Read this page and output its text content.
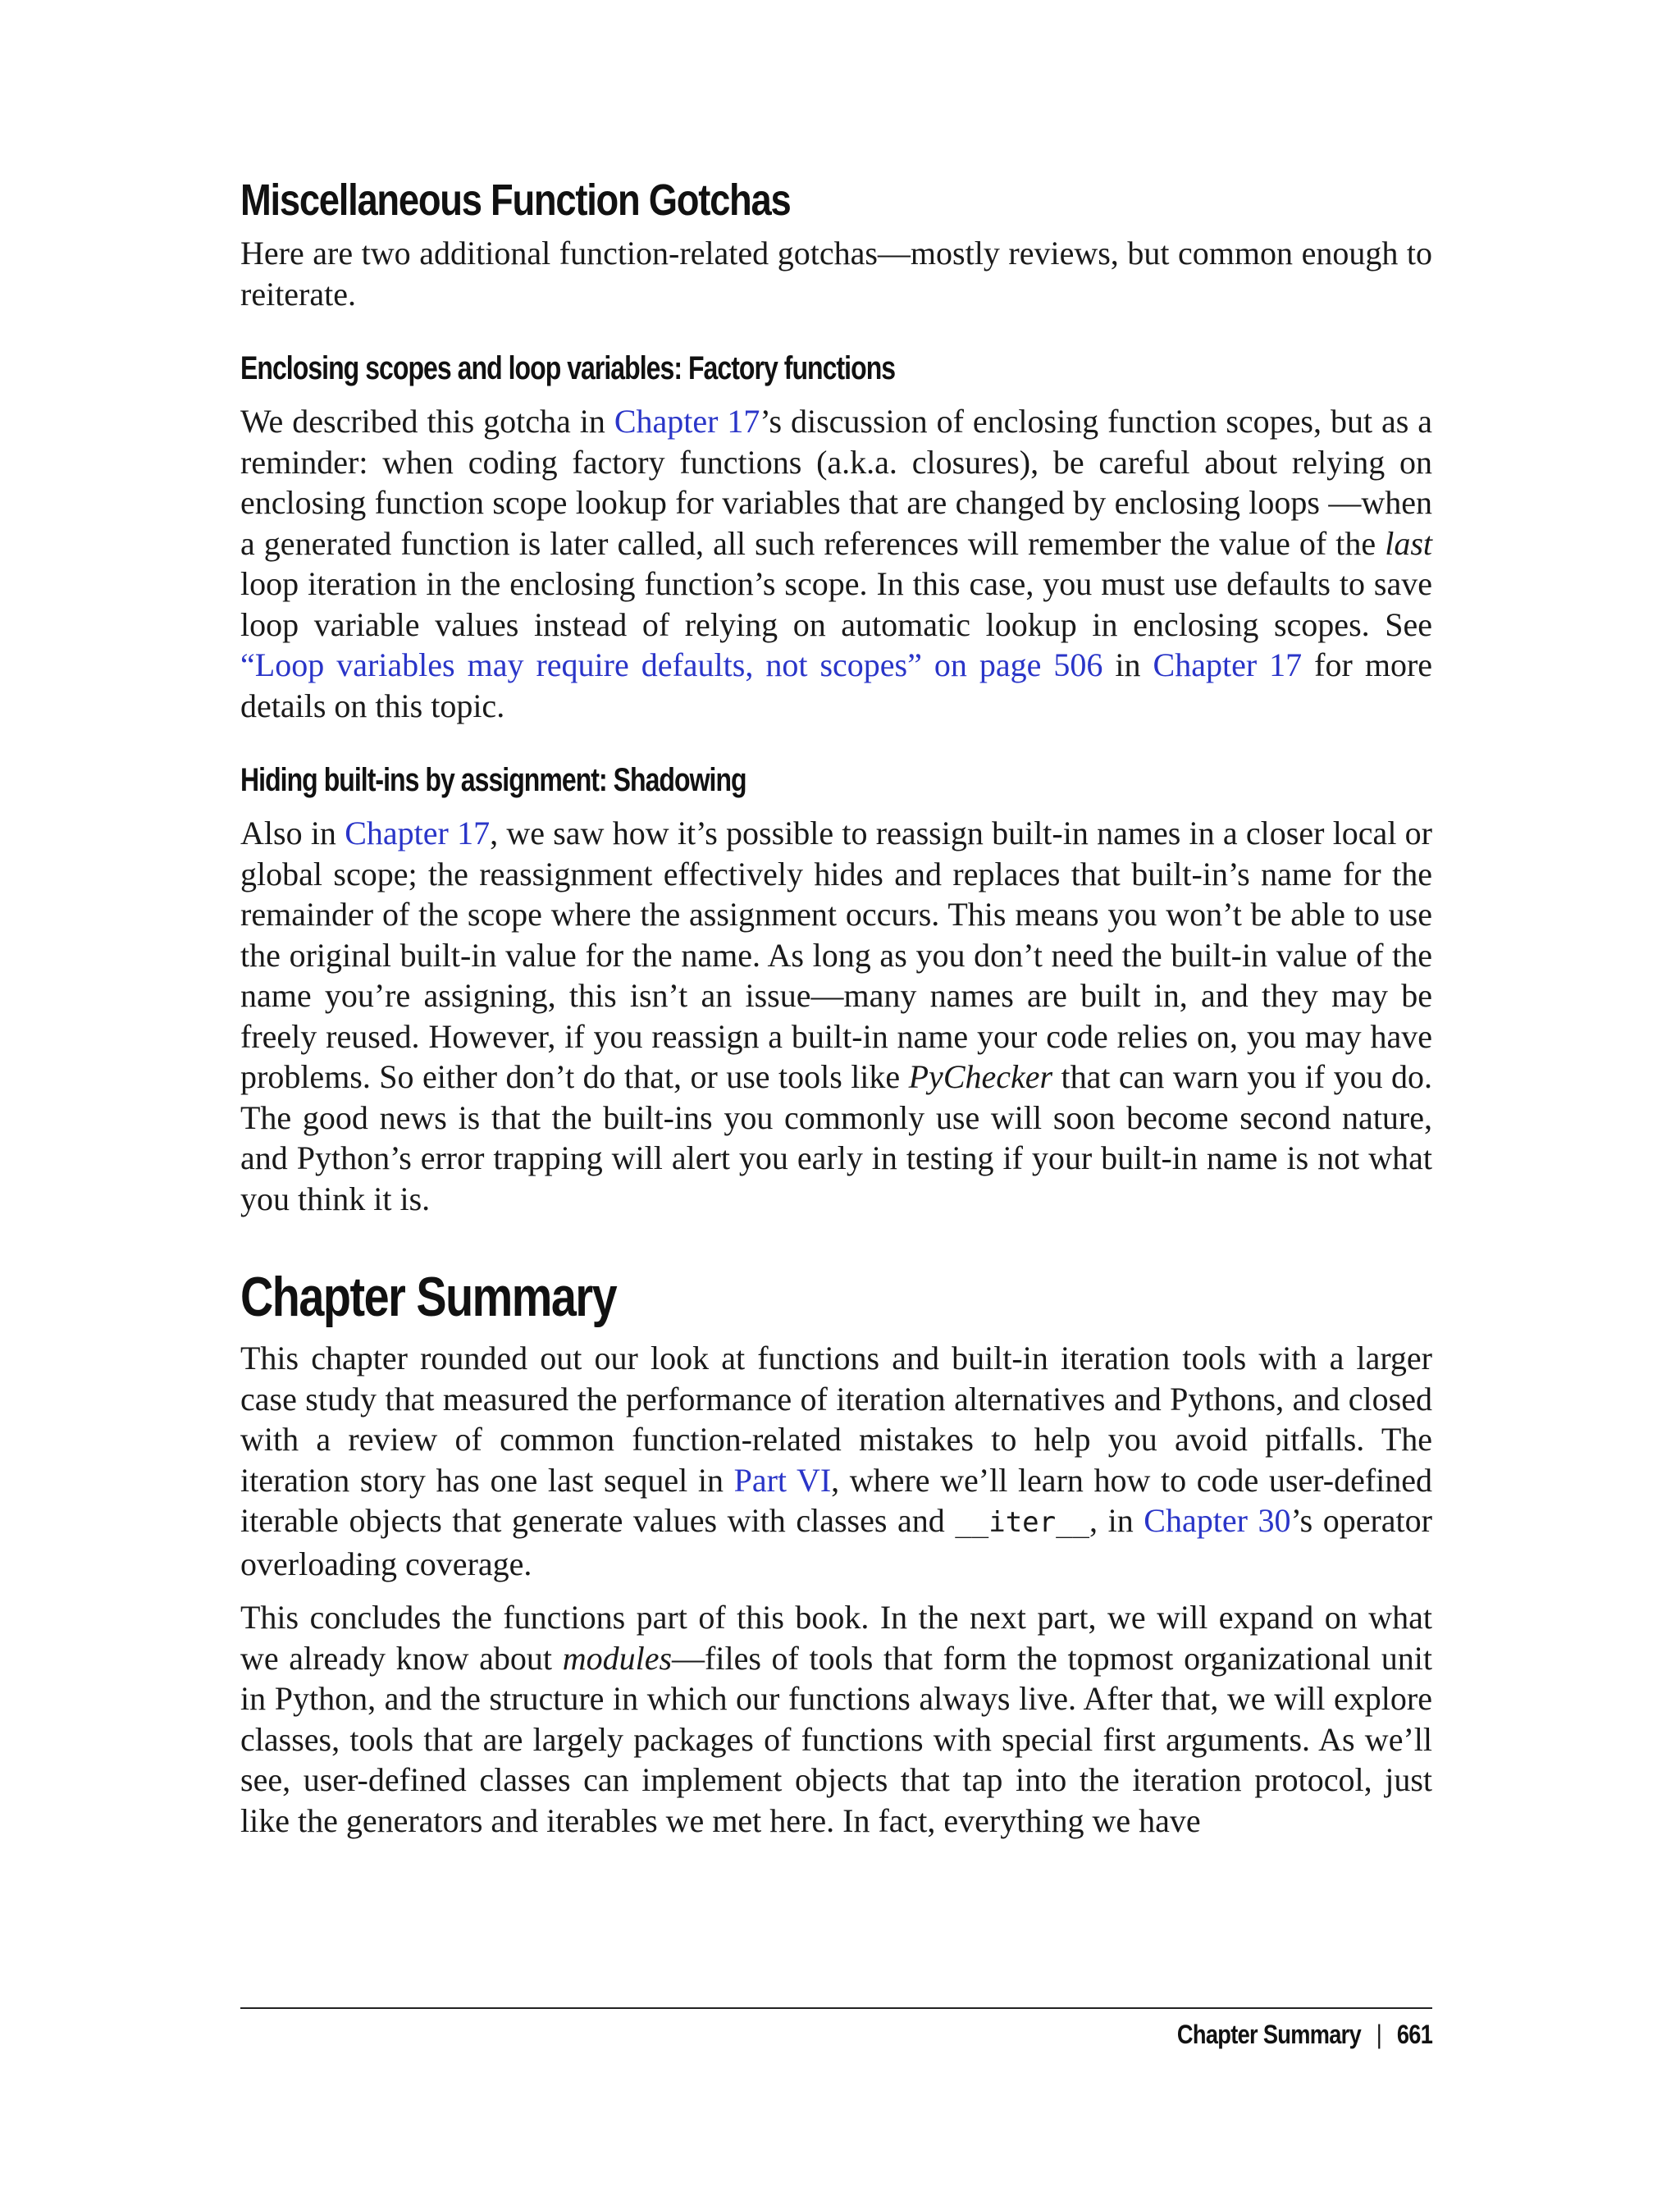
Miscellaneous Function Gotchas

Here are two additional function-related gotchas—mostly reviews, but common enough to reiterate.

Enclosing scopes and loop variables: Factory functions

We described this gotcha in Chapter 17’s discussion of enclosing function scopes, but as a reminder: when coding factory functions (a.k.a. closures), be careful about relying on enclosing function scope lookup for variables that are changed by enclosing loops —when a generated function is later called, all such references will remember the value of the last loop iteration in the enclosing function’s scope. In this case, you must use defaults to save loop variable values instead of relying on automatic lookup in enclosing scopes. See “Loop variables may require defaults, not scopes” on page 506 in Chapter 17 for more details on this topic.

Hiding built-ins by assignment: Shadowing

Also in Chapter 17, we saw how it’s possible to reassign built-in names in a closer local or global scope; the reassignment effectively hides and replaces that built-in’s name for the remainder of the scope where the assignment occurs. This means you won’t be able to use the original built-in value for the name. As long as you don’t need the built-in value of the name you’re assigning, this isn’t an issue—many names are built in, and they may be freely reused. However, if you reassign a built-in name your code relies on, you may have problems. So either don’t do that, or use tools like PyChecker that can warn you if you do. The good news is that the built-ins you commonly use will soon become second nature, and Python’s error trapping will alert you early in testing if your built-in name is not what you think it is.

Chapter Summary

This chapter rounded out our look at functions and built-in iteration tools with a larger case study that measured the performance of iteration alternatives and Pythons, and closed with a review of common function-related mistakes to help you avoid pitfalls. The iteration story has one last sequel in Part VI, where we’ll learn how to code user-defined iterable objects that generate values with classes and __iter__, in Chapter 30’s operator overloading coverage.

This concludes the functions part of this book. In the next part, we will expand on what we already know about modules—files of tools that form the topmost organizational unit in Python, and the structure in which our functions always live. After that, we will explore classes, tools that are largely packages of functions with special first arguments. As we’ll see, user-defined classes can implement objects that tap into the iteration protocol, just like the generators and iterables we met here. In fact, everything we have

Chapter Summary | 661
